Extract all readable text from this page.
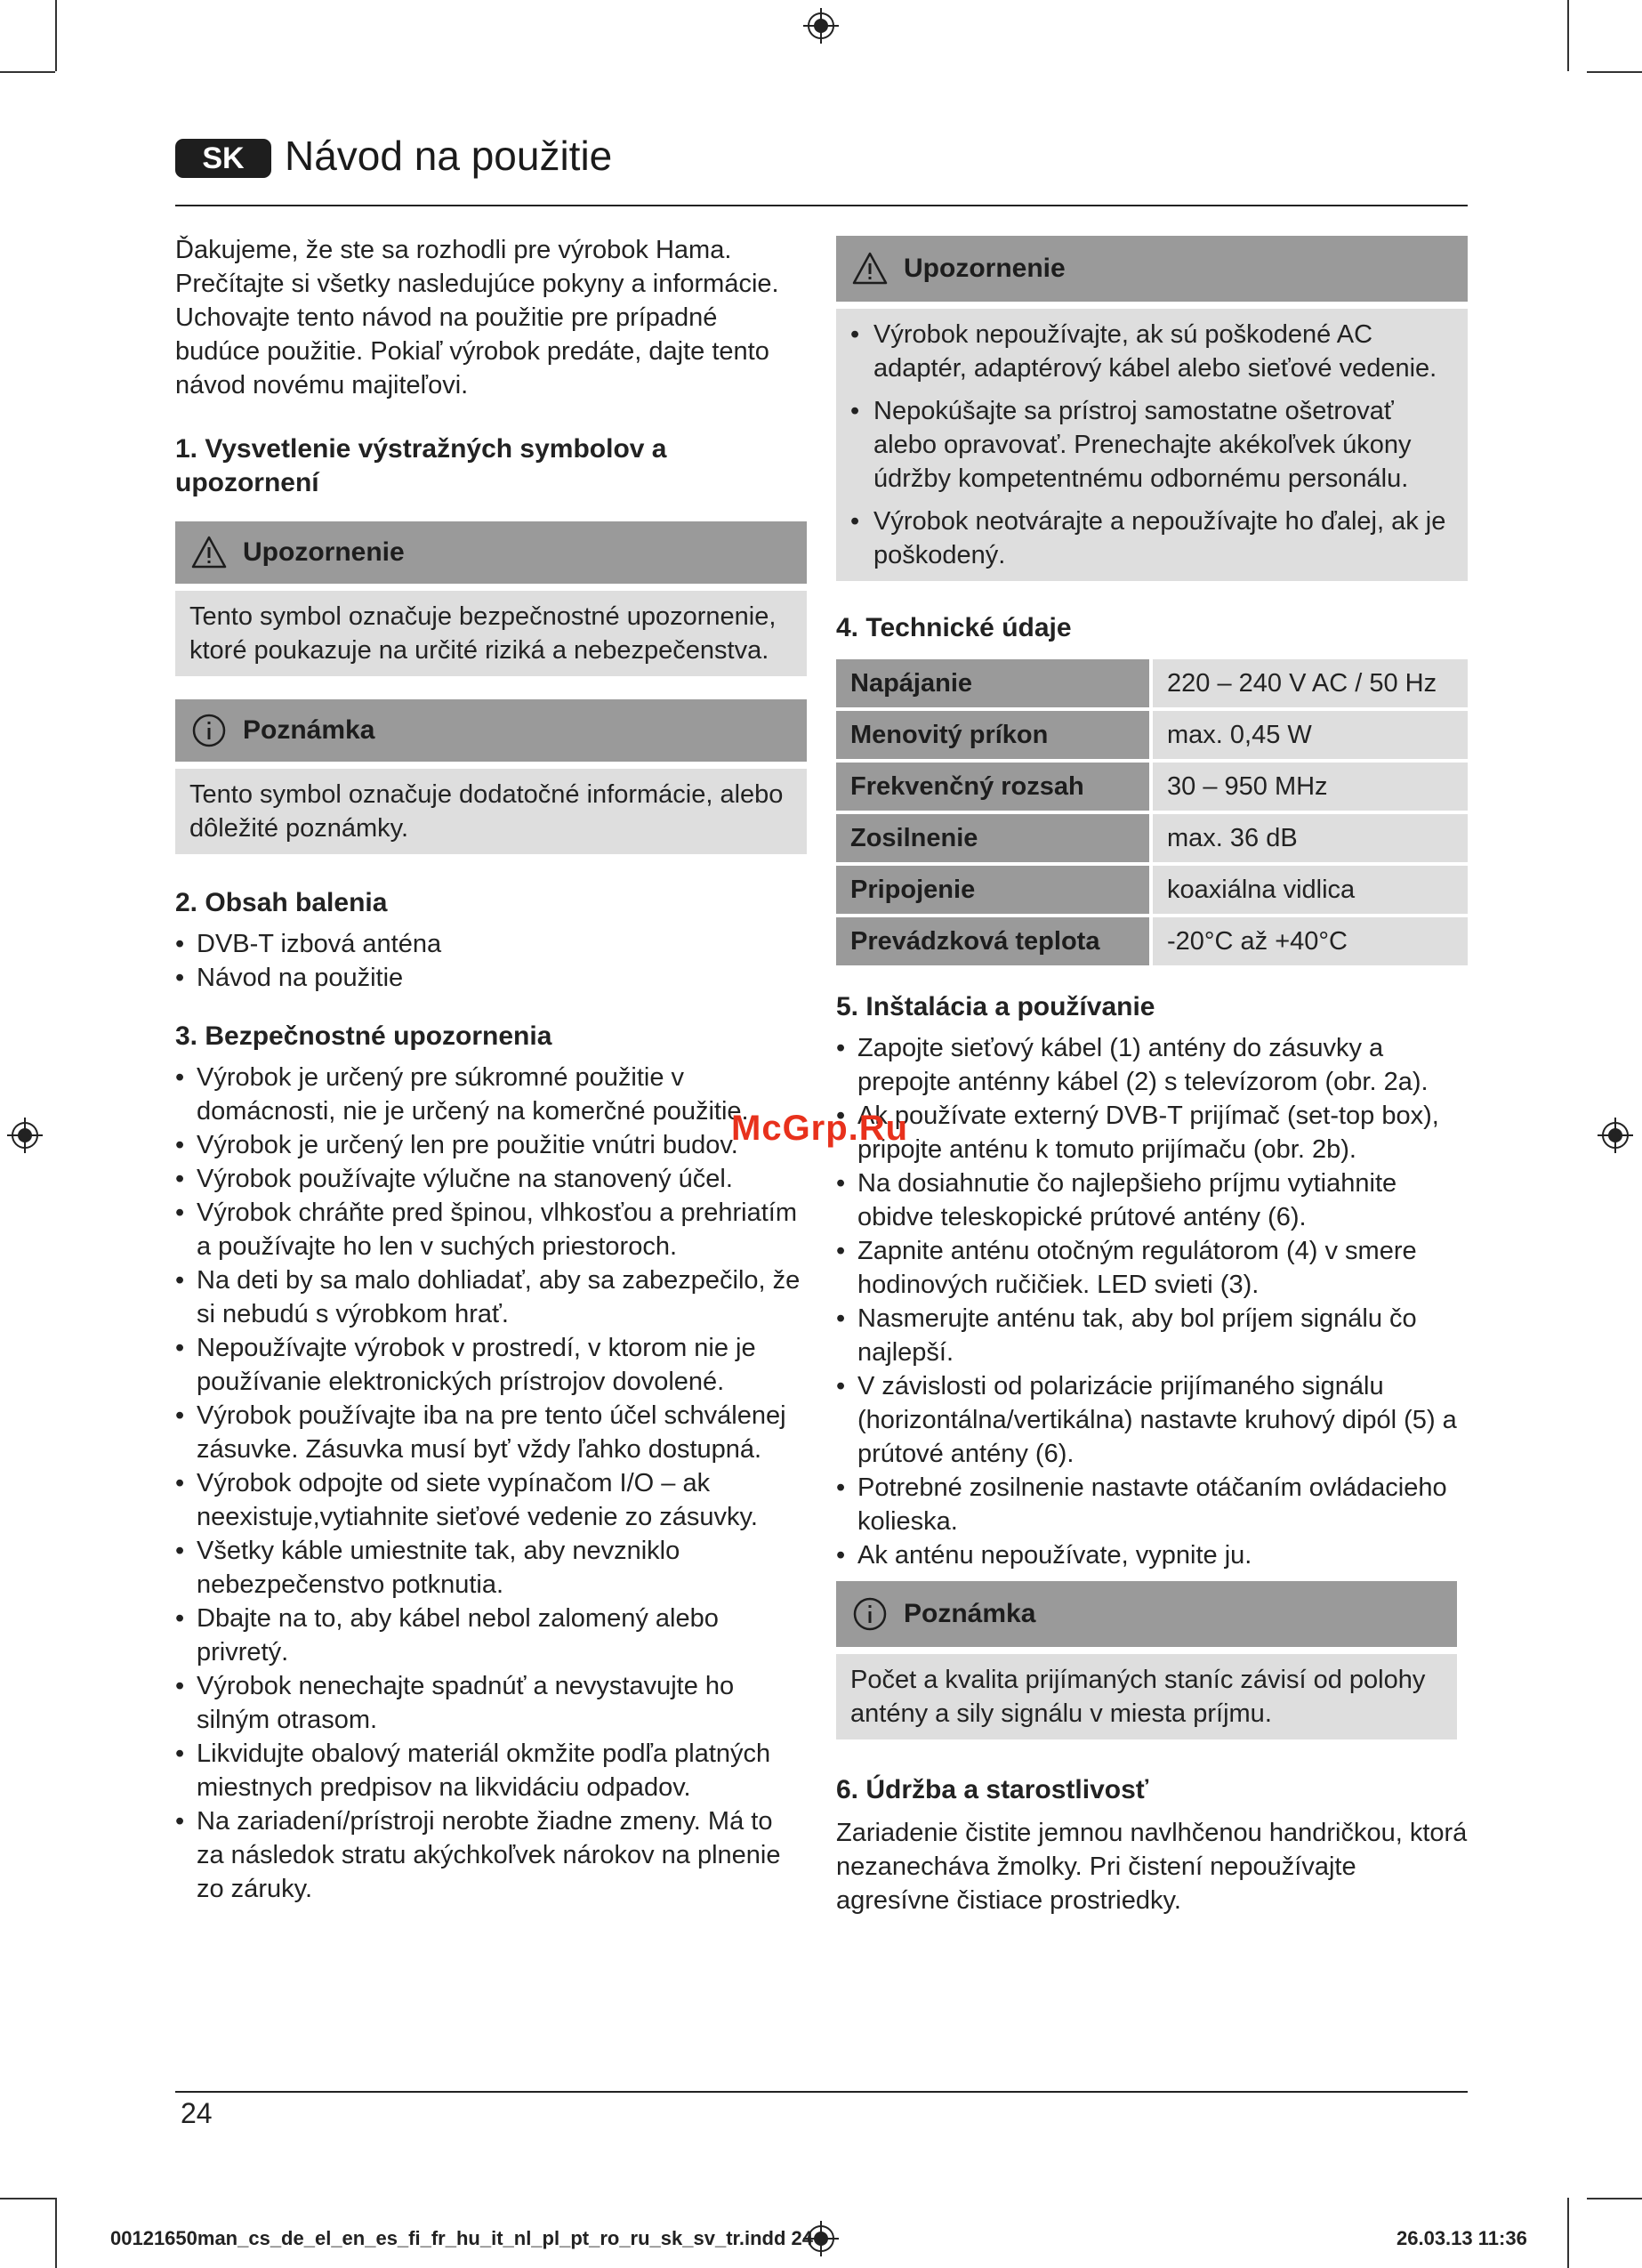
SK Návod na použitie

Ďakujeme, že ste sa rozhodli pre výrobok Hama. Prečítajte si všetky nasledujúce pokyny a informácie. Uchovajte tento návod na použitie pre prípadné budúce použitie. Pokiaľ výrobok predáte, dajte tento návod novému majiteľovi.

1. Vysvetlenie výstražných symbolov a upozornení

Upozornenie
Tento symbol označuje bezpečnostné upozornenie, ktoré poukazuje na určité riziká a nebezpečenstva.
Poznámka
Tento symbol označuje dodatočné informácie, alebo dôležité poznámky.

2. Obsah balenia

• DVB-T izbová anténa
• Návod na použitie

3. Bezpečnostné upozornenia

• Výrobok je určený pre súkromné použitie v domácnosti, nie je určený na komerčné použitie.
• Výrobok je určený len pre použitie vnútri budov.
• Výrobok používajte výlučne na stanovený účel.
• Výrobok chráňte pred špinou, vlhkosťou a prehriatím a používajte ho len v suchých priestoroch.
• Na deti by sa malo dohliadať, aby sa zabezpečilo, že si nebudú s výrobkom hrať.
• Nepoužívajte výrobok v prostredí, v ktorom nie je používanie elektronických prístrojov dovolené.
• Výrobok používajte iba na pre tento účel schválenej zásuvke. Zásuvka musí byť vždy ľahko dostupná.
• Výrobok odpojte od siete vypínačom I/O – ak neexistuje,vytiahnite sieťové vedenie zo zásuvky.
• Všetky káble umiestnite tak, aby nevzniklo nebezpečenstvo potknutia.
• Dbajte na to, aby kábel nebol zalomený alebo privretý.
• Výrobok nenechajte spadnúť a nevystavujte ho silným otrasom.
• Likvidujte obalový materiál okmžite podľa platných miestnych predpisov na likvidáciu odpadov.
• Na zariadení/prístroji nerobte žiadne zmeny. Má to za následok stratu akýchkoľvek nárokov na plnenie zo záruky.
Upozornenie
• Výrobok nepoužívajte, ak sú poškodené AC adaptér, adaptérový kábel alebo sieťové vedenie.
• Nepokúšajte sa prístroj samostatne ošetrovať alebo opravovať. Prenechajte akékoľvek úkony údržby kompetentnému odbornému personálu.
• Výrobok neotvárajte a nepoužívajte ho ďalej, ak je poškodený.

4. Technické údaje

Napájanie	220 – 240 V AC / 50 Hz
Menovitý príkon	max. 0,45 W
Frekvenčný rozsah	30 – 950 MHz
Zosilnenie	max. 36 dB
Pripojenie	koaxiálna vidlica
Prevádzková teplota	-20°C až +40°C

5. Inštalácia a používanie

• Zapojte sieťový kábel (1) antény do zásuvky a prepojte anténny kábel (2) s televízorom (obr. 2a).
• Ak používate externý DVB-T prijímač (set-top box), pripojte anténu k tomuto prijímaču (obr. 2b).
• Na dosiahnutie čo najlepšieho príjmu vytiahnite obidve teleskopické prútové antény (6).
• Zapnite anténu otočným regulátorom (4) v smere hodinových ručičiek. LED svieti (3).
• Nasmerujte anténu tak, aby bol príjem signálu čo najlepší.
• V závislosti od polarizácie prijímaného signálu (horizontálna/vertikálna) nastavte kruhový dipól (5) a prútové antény (6).
• Potrebné zosilnenie nastavte otáčaním ovládacieho kolieska.
• Ak anténu nepoužívate, vypnite ju.
Poznámka
Počet a kvalita prijímaných staníc závisí od polohy antény a sily signálu v miesta príjmu.

6. Údržba a starostlivosť

Zariadenie čistite jemnou navlhčenou handričkou, ktorá nezanecháva žmolky. Pri čistení nepoužívajte agresívne čistiace prostriedky.

McGrp.Ru
24
00121650man_cs_de_el_en_es_fi_fr_hu_it_nl_pl_pt_ro_ru_sk_sv_tr.indd 24	26.03.13 11:36
